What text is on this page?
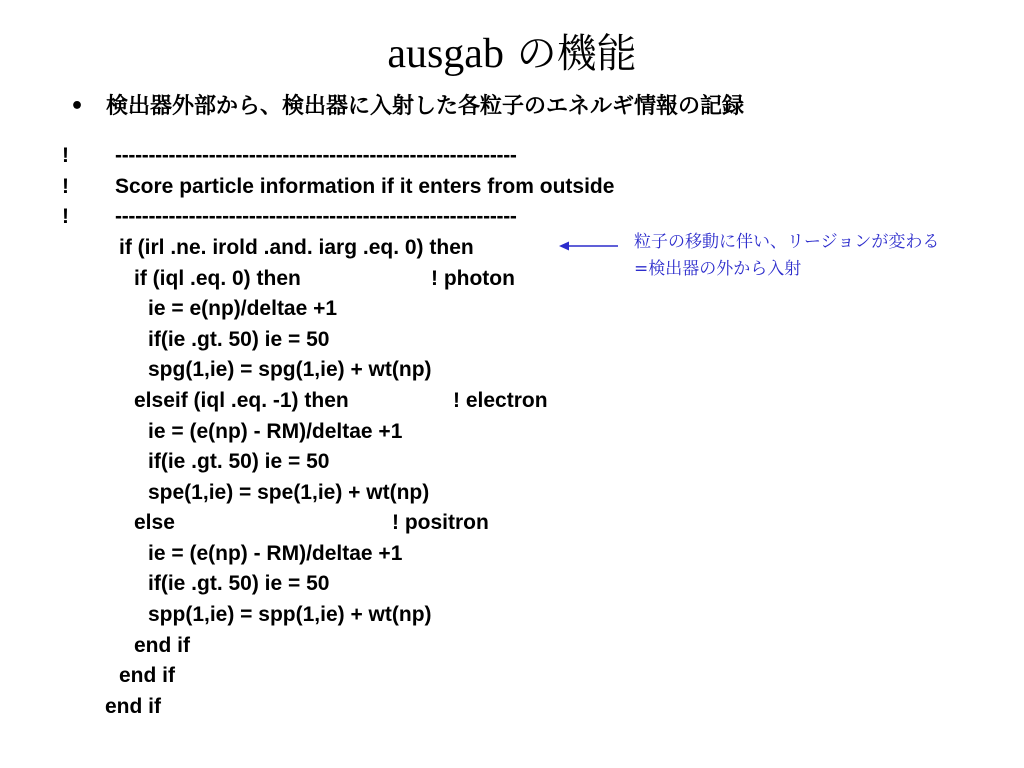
ausgab の機能
• 検出器外部から、検出器に入射した各粒子のエネルギ情報の記録
! ------------------------------------------------------------
! Score particle information if it enters from outside
! ------------------------------------------------------------
if (irl .ne. irold .and. iarg .eq. 0) then
if (iql .eq. 0) then
ie = e(np)/deltae +1
if(ie .gt. 50) ie = 50
spg(1,ie) = spg(1,ie) + wt(np)
elseif (iql .eq. -1) then
ie = (e(np) - RM)/deltae +1
if(ie .gt. 50) ie = 50
spe(1,ie) = spe(1,ie) + wt(np)
else
ie = (e(np) - RM)/deltae +1
if(ie .gt. 50) ie = 50
spp(1,ie) = spp(1,ie) + wt(np)
end if
end if
end if
! photon
! electron
! positron
粒子の移動に伴い、リージョンが変わる
=検出器の外から入射
